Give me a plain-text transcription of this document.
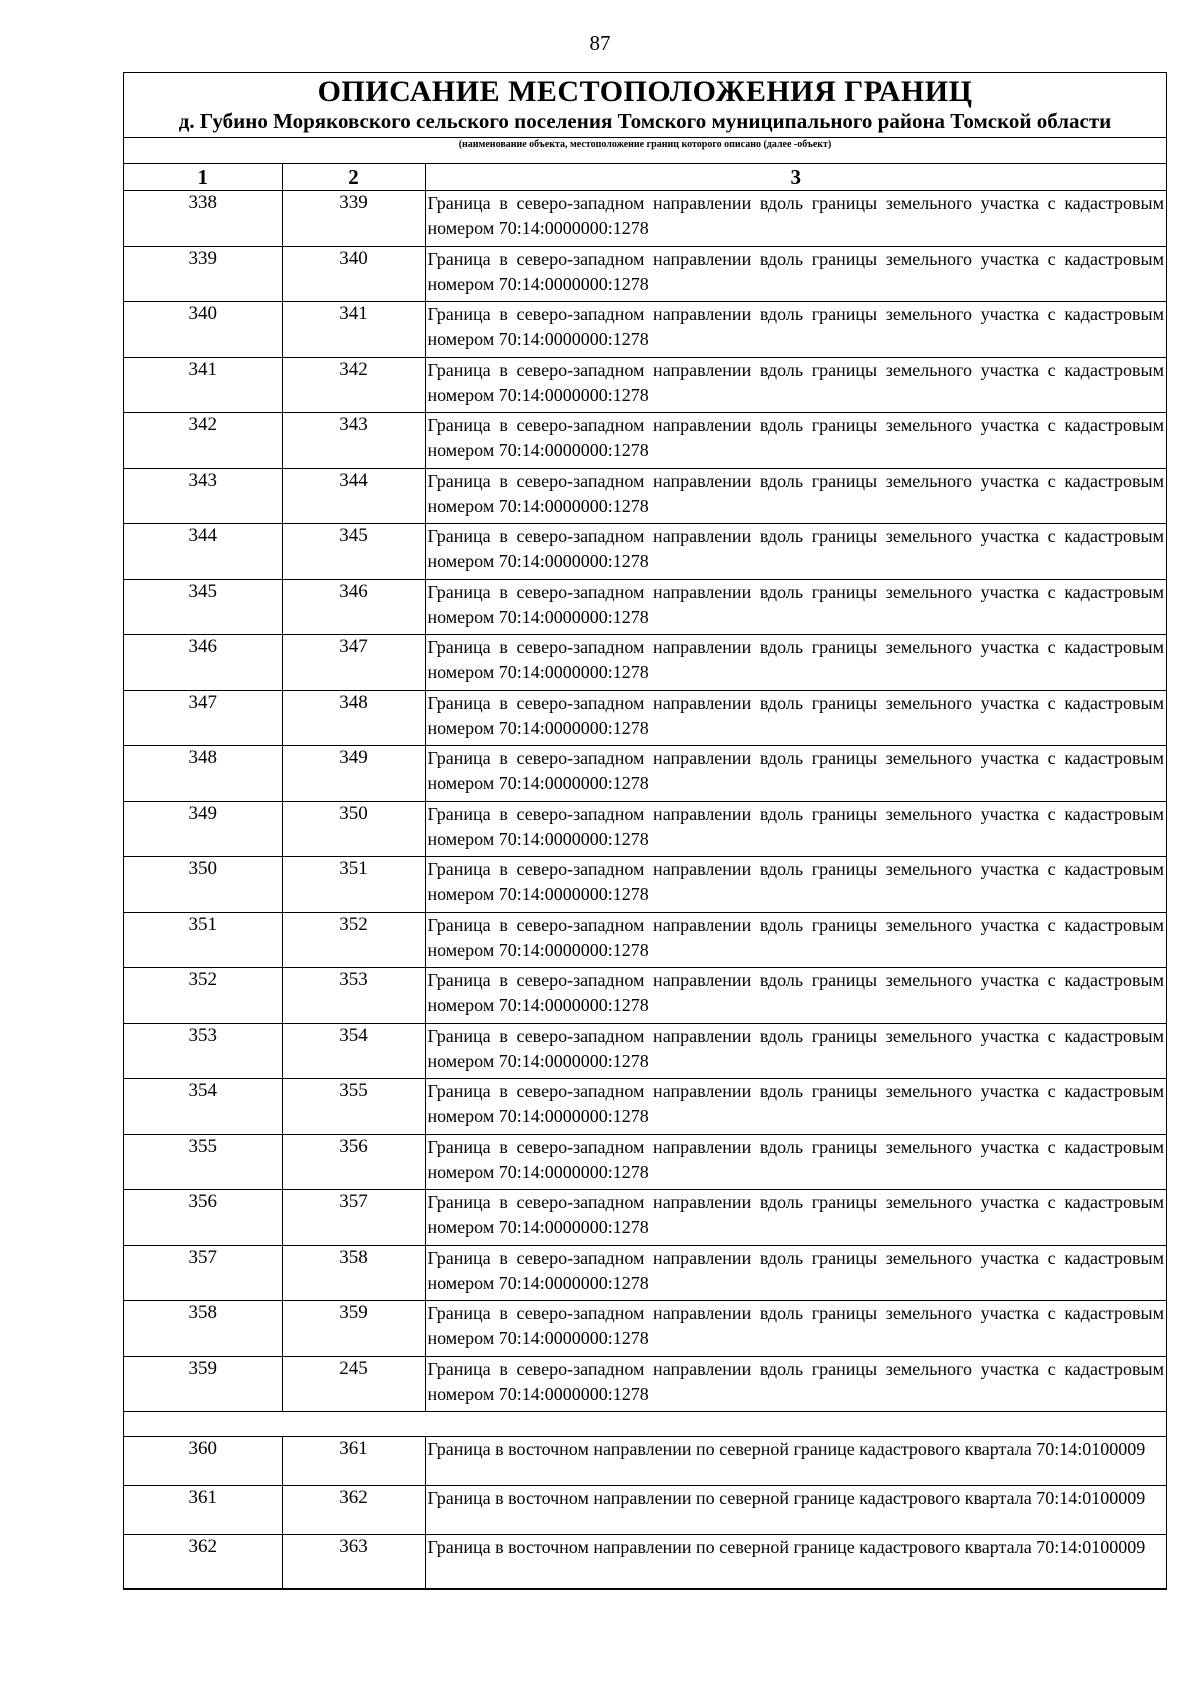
87
ОПИСАНИЕ МЕСТОПОЛОЖЕНИЯ ГРАНИЦ
д. Губино Моряковского сельского поселения Томского муниципального района Томской области
(наименование объекта, местоположение границ которого описано (далее -объект)
1	2	3
338	339	Граница в северо-западном направлении вдоль границы земельного участка с кадастровым номером 70:14:0000000:1278
339	340	Граница в северо-западном направлении вдоль границы земельного участка с кадастровым номером 70:14:0000000:1278
340	341	Граница в северо-западном направлении вдоль границы земельного участка с кадастровым номером 70:14:0000000:1278
341	342	Граница в северо-западном направлении вдоль границы земельного участка с кадастровым номером 70:14:0000000:1278
342	343	Граница в северо-западном направлении вдоль границы земельного участка с кадастровым номером 70:14:0000000:1278
343	344	Граница в северо-западном направлении вдоль границы земельного участка с кадастровым номером 70:14:0000000:1278
344	345	Граница в северо-западном направлении вдоль границы земельного участка с кадастровым номером 70:14:0000000:1278
345	346	Граница в северо-западном направлении вдоль границы земельного участка с кадастровым номером 70:14:0000000:1278
346	347	Граница в северо-западном направлении вдоль границы земельного участка с кадастровым номером 70:14:0000000:1278
347	348	Граница в северо-западном направлении вдоль границы земельного участка с кадастровым номером 70:14:0000000:1278
348	349	Граница в северо-западном направлении вдоль границы земельного участка с кадастровым номером 70:14:0000000:1278
349	350	Граница в северо-западном направлении вдоль границы земельного участка с кадастровым номером 70:14:0000000:1278
350	351	Граница в северо-западном направлении вдоль границы земельного участка с кадастровым номером 70:14:0000000:1278
351	352	Граница в северо-западном направлении вдоль границы земельного участка с кадастровым номером 70:14:0000000:1278
352	353	Граница в северо-западном направлении вдоль границы земельного участка с кадастровым номером 70:14:0000000:1278
353	354	Граница в северо-западном направлении вдоль границы земельного участка с кадастровым номером 70:14:0000000:1278
354	355	Граница в северо-западном направлении вдоль границы земельного участка с кадастровым номером 70:14:0000000:1278
355	356	Граница в северо-западном направлении вдоль границы земельного участка с кадастровым номером 70:14:0000000:1278
356	357	Граница в северо-западном направлении вдоль границы земельного участка с кадастровым номером 70:14:0000000:1278
357	358	Граница в северо-западном направлении вдоль границы земельного участка с кадастровым номером 70:14:0000000:1278
358	359	Граница в северо-западном направлении вдоль границы земельного участка с кадастровым номером 70:14:0000000:1278
359	245	Граница в северо-западном направлении вдоль границы земельного участка с кадастровым номером 70:14:0000000:1278

360	361	Граница в восточном направлении по северной границе кадастрового квартала 70:14:0100009
361	362	Граница в восточном направлении по северной границе кадастрового квартала 70:14:0100009
362	363	Граница в восточном направлении по северной границе кадастрового квартала 70:14:0100009
